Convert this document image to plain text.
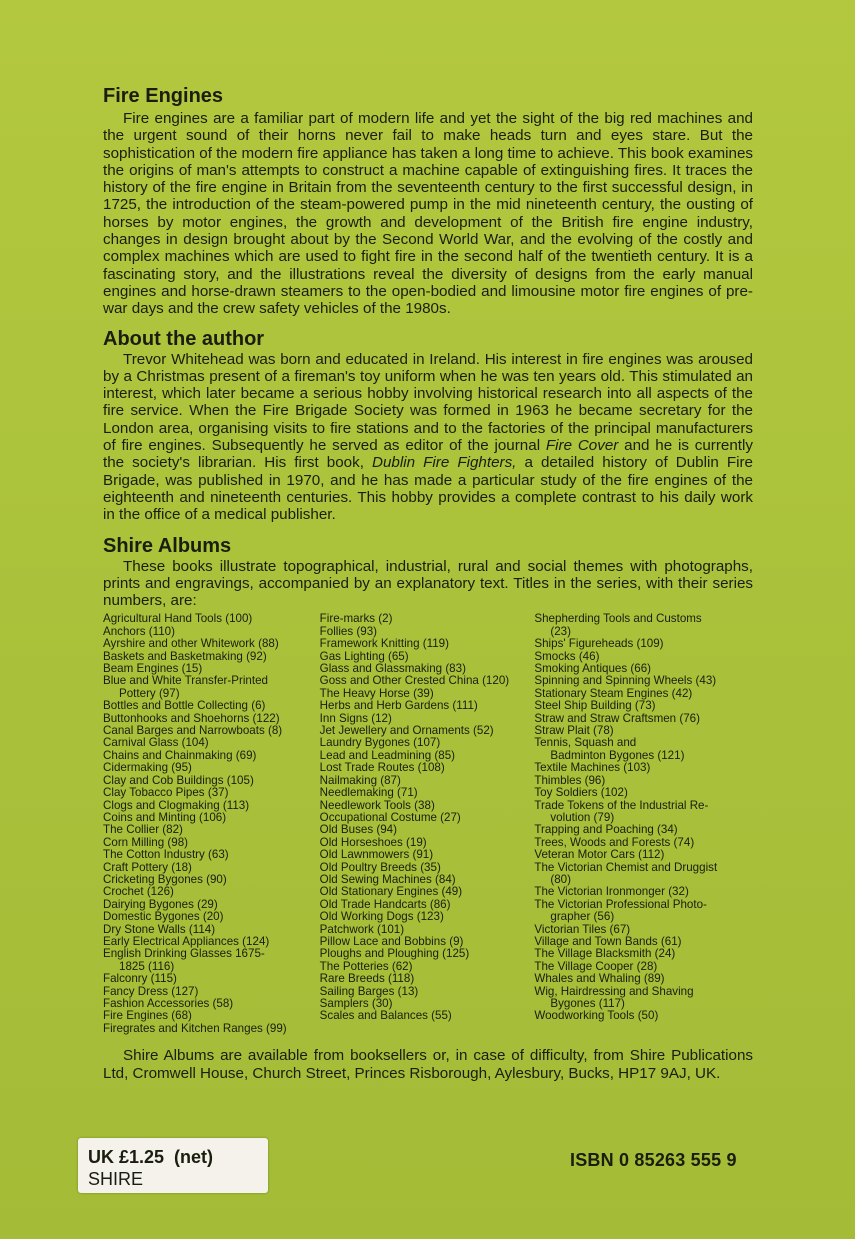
Fire Engines

Fire engines are a familiar part of modern life and yet the sight of the big red machines and the urgent sound of their horns never fail to make heads turn and eyes stare. But the sophistication of the modern fire appliance has taken a long time to achieve. This book examines the origins of man's attempts to construct a machine capable of extinguishing fires. It traces the history of the fire engine in Britain from the seventeenth century to the first successful design, in 1725, the introduction of the steam-powered pump in the mid nineteenth century, the ousting of horses by motor engines, the growth and development of the British fire engine industry, changes in design brought about by the Second World War, and the evolving of the costly and complex machines which are used to fight fire in the second half of the twentieth century. It is a fascinating story, and the illustrations reveal the diversity of designs from the early manual engines and horse-drawn steamers to the open-bodied and limousine motor fire engines of pre-war days and the crew safety vehicles of the 1980s.

About the author

Trevor Whitehead was born and educated in Ireland. His interest in fire engines was aroused by a Christmas present of a fireman's toy uniform when he was ten years old. This stimulated an interest, which later became a serious hobby involving historical research into all aspects of the fire service. When the Fire Brigade Society was formed in 1963 he became secretary for the London area, organising visits to fire stations and to the factories of the principal manufacturers of fire engines. Subsequently he served as editor of the journal Fire Cover and he is currently the society's librarian. His first book, Dublin Fire Fighters, a detailed history of Dublin Fire Brigade, was published in 1970, and he has made a particular study of the fire engines of the eighteenth and nineteenth centuries. This hobby provides a complete contrast to his daily work in the office of a medical publisher.

Shire Albums

These books illustrate topographical, industrial, rural and social themes with photographs, prints and engravings, accompanied by an explanatory text. Titles in the series, with their series numbers, are:

Agricultural Hand Tools (100)
Anchors (110)
Ayrshire and other Whitework (88)
Baskets and Basketmaking (92)
Beam Engines (15)
Blue and White Transfer-Printed
Pottery (97)
Bottles and Bottle Collecting (6)
Buttonhooks and Shoehorns (122)
Canal Barges and Narrowboats (8)
Carnival Glass (104)
Chains and Chainmaking (69)
Cidermaking (95)
Clay and Cob Buildings (105)
Clay Tobacco Pipes (37)
Clogs and Clogmaking (113)
Coins and Minting (106)
The Collier (82)
Corn Milling (98)
The Cotton Industry (63)
Craft Pottery (18)
Cricketing Bygones (90)
Crochet (126)
Dairying Bygones (29)
Domestic Bygones (20)
Dry Stone Walls (114)
Early Electrical Appliances (124)
English Drinking Glasses 1675-
1825 (116)
Falconry (115)
Fancy Dress (127)
Fashion Accessories (58)
Fire Engines (68)
Firegrates and Kitchen Ranges (99)
Fire-marks (2)
Follies (93)
Framework Knitting (119)
Gas Lighting (65)
Glass and Glassmaking (83)
Goss and Other Crested China (120)
The Heavy Horse (39)
Herbs and Herb Gardens (111)
Inn Signs (12)
Jet Jewellery and Ornaments (52)
Laundry Bygones (107)
Lead and Leadmining (85)
Lost Trade Routes (108)
Nailmaking (87)
Needlemaking (71)
Needlework Tools (38)
Occupational Costume (27)
Old Buses (94)
Old Horseshoes (19)
Old Lawnmowers (91)
Old Poultry Breeds (35)
Old Sewing Machines (84)
Old Stationary Engines (49)
Old Trade Handcarts (86)
Old Working Dogs (123)
Patchwork (101)
Pillow Lace and Bobbins (9)
Ploughs and Ploughing (125)
The Potteries (62)
Rare Breeds (118)
Sailing Barges (13)
Samplers (30)
Scales and Balances (55)
Shepherding Tools and Customs
(23)
Ships' Figureheads (109)
Smocks (46)
Smoking Antiques (66)
Spinning and Spinning Wheels (43)
Stationary Steam Engines (42)
Steel Ship Building (73)
Straw and Straw Craftsmen (76)
Straw Plait (78)
Tennis, Squash and
Badminton Bygones (121)
Textile Machines (103)
Thimbles (96)
Toy Soldiers (102)
Trade Tokens of the Industrial Re-
volution (79)
Trapping and Poaching (34)
Trees, Woods and Forests (74)
Veteran Motor Cars (112)
The Victorian Chemist and Druggist
(80)
The Victorian Ironmonger (32)
The Victorian Professional Photo-
grapher (56)
Victorian Tiles (67)
Village and Town Bands (61)
The Village Blacksmith (24)
The Village Cooper (28)
Whales and Whaling (89)
Wig, Hairdressing and Shaving
Bygones (117)
Woodworking Tools (50)

Shire Albums are available from booksellers or, in case of difficulty, from Shire Publications Ltd, Cromwell House, Church Street, Princes Risborough, Aylesbury, Bucks, HP17 9AJ, UK.

UK £1.25  (net)
SHIRE
ISBN 0 85263 555 9
